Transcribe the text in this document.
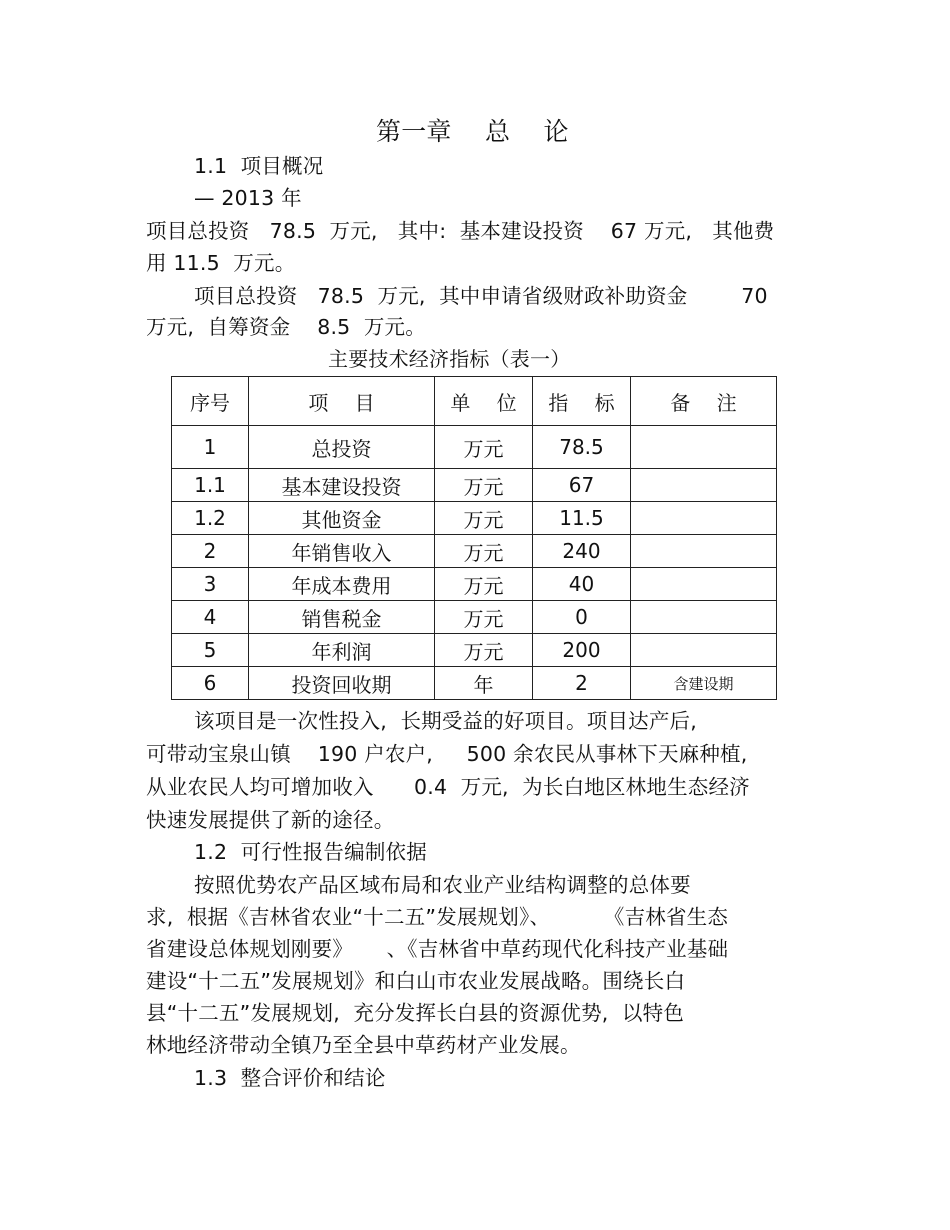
第一章　 总　 论
1.1  项目概况
— 2013 年
项目总投资   78.5  万元,   其中:  基本建设投资    67 万元,   其他费
用 11.5  万元。
项目总投资   78.5  万元,  其中申请省级财政补助资金        70
万元,  自筹资金    8.5  万元。
主要技术经济指标（表一）
序号	项　 目	单　 位	指　 标	备　 注
1	总投资	万元	78.5	
1.1	基本建设投资	万元	67	
1.2	其他资金	万元	11.5	
2	年销售收入	万元	240	
3	年成本费用	万元	40	
4	销售税金	万元	0	
5	年利润	万元	200	
6	投资回收期	年	2	含建设期
该项目是一次性投入,  长期受益的好项目。项目达产后,
可带动宝泉山镇    190 户农户,     500 余农民从事林下天麻种植,
从业农民人均可增加收入      0.4  万元,  为长白地区林地生态经济
快速发展提供了新的途径。
1.2  可行性报告编制依据
按照优势农产品区域布局和农业产业结构调整的总体要
求,  根据《吉林省农业“十二五”发展规划》、        《吉林省生态
省建设总体规划刚要》     、《吉林省中草药现代化科技产业基础
建设“十二五”发展规划》和白山市农业发展战略。围绕长白
县“十二五”发展规划,  充分发挥长白县的资源优势,  以特色
林地经济带动全镇乃至全县中草药材产业发展。
1.3  整合评价和结论
